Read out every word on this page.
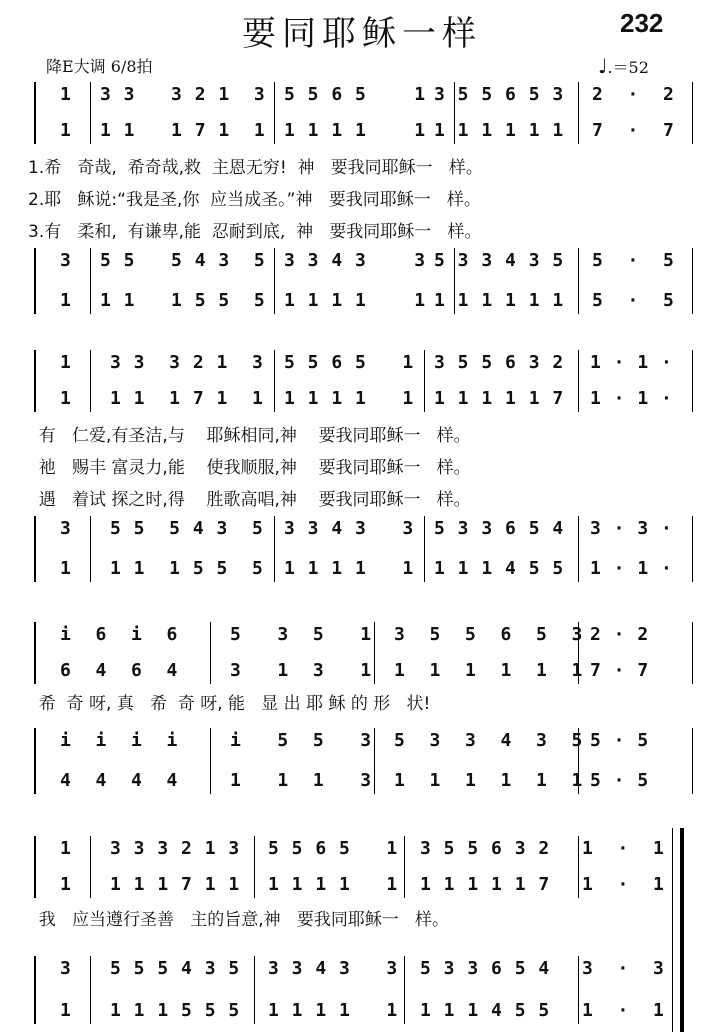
要同耶稣一样	232
降E大调 6/8拍	♩.＝52
1 3 3   3 2 1  3 5 5 6 5    1 3 5 5 6 5 3 2  ·  2
1 1 1   1 7 1  1 1 1 1 1    1 1 1 1 1 1 1 7  ·  7
3 5 5   5 4 3  5 3 3 4 3    3 5 3 3 4 3 5 5  ·  5
1 1 1   1 5 5  5 1 1 1 1    1 1 1 1 1 1 1 5  ·  5
1.希   奇哉,  希奇哉,救  主恩无穷!  神   要我同耶稣一   样。
2.耶   稣说:“我是圣,你  应当成圣。”神   要我同耶稣一   样。
3.有   柔和,  有谦卑,能  忍耐到底,  神   要我同耶稣一   样。
1 3 3  3 2 1  3 5 5 6 5   1 3 5 5 6 3 2 1 · 1 ·
1 1 1  1 7 1  1 1 1 1 1   1 1 1 1 1 1 7 1 · 1 ·
3 5 5  5 4 3  5 3 3 4 3   3 5 3 3 6 5 4 3 · 3 ·
1 1 1  1 5 5  5 1 1 1 1   1 1 1 1 4 5 5 1 · 1 ·
有   仁爱,有圣洁,与    耶稣相同,神    要我同耶稣一   样。
祂   赐丰 富灵力,能    使我顺服,神    要我同耶稣一   样。
遇   着试 探之时,得    胜歌高唱,神    要我同耶稣一   样。
i  6  i  6	5   3  5   1 3  5  5  6  5  3 2 · 2
6  4  6  4	3   1  3   1 1  1  1  1  1  1 7 · 7
i  i  i  i	i   5  5   3 5  3  3  4  3  5 5 · 5
4  4  4  4	1   1  1   3 1  1  1  1  1  1 5 · 5
希  奇 呀, 真   希  奇 呀, 能   显 出 耶 稣 的 形   状!
1 3 3 3 2 1 3 5 5 6 5   1 3 5 5 6 3 2 1  ·  1
1 1 1 1 7 1 1 1 1 1 1   1 1 1 1 1 1 7 1  ·  1
3 5 5 5 4 3 5 3 3 4 3   3 5 3 3 6 5 4 3  ·  3
1 1 1 1 5 5 5 1 1 1 1   1 1 1 1 4 5 5 1  ·  1
我   应当遵行圣善   主的旨意,神   要我同耶稣一   样。
